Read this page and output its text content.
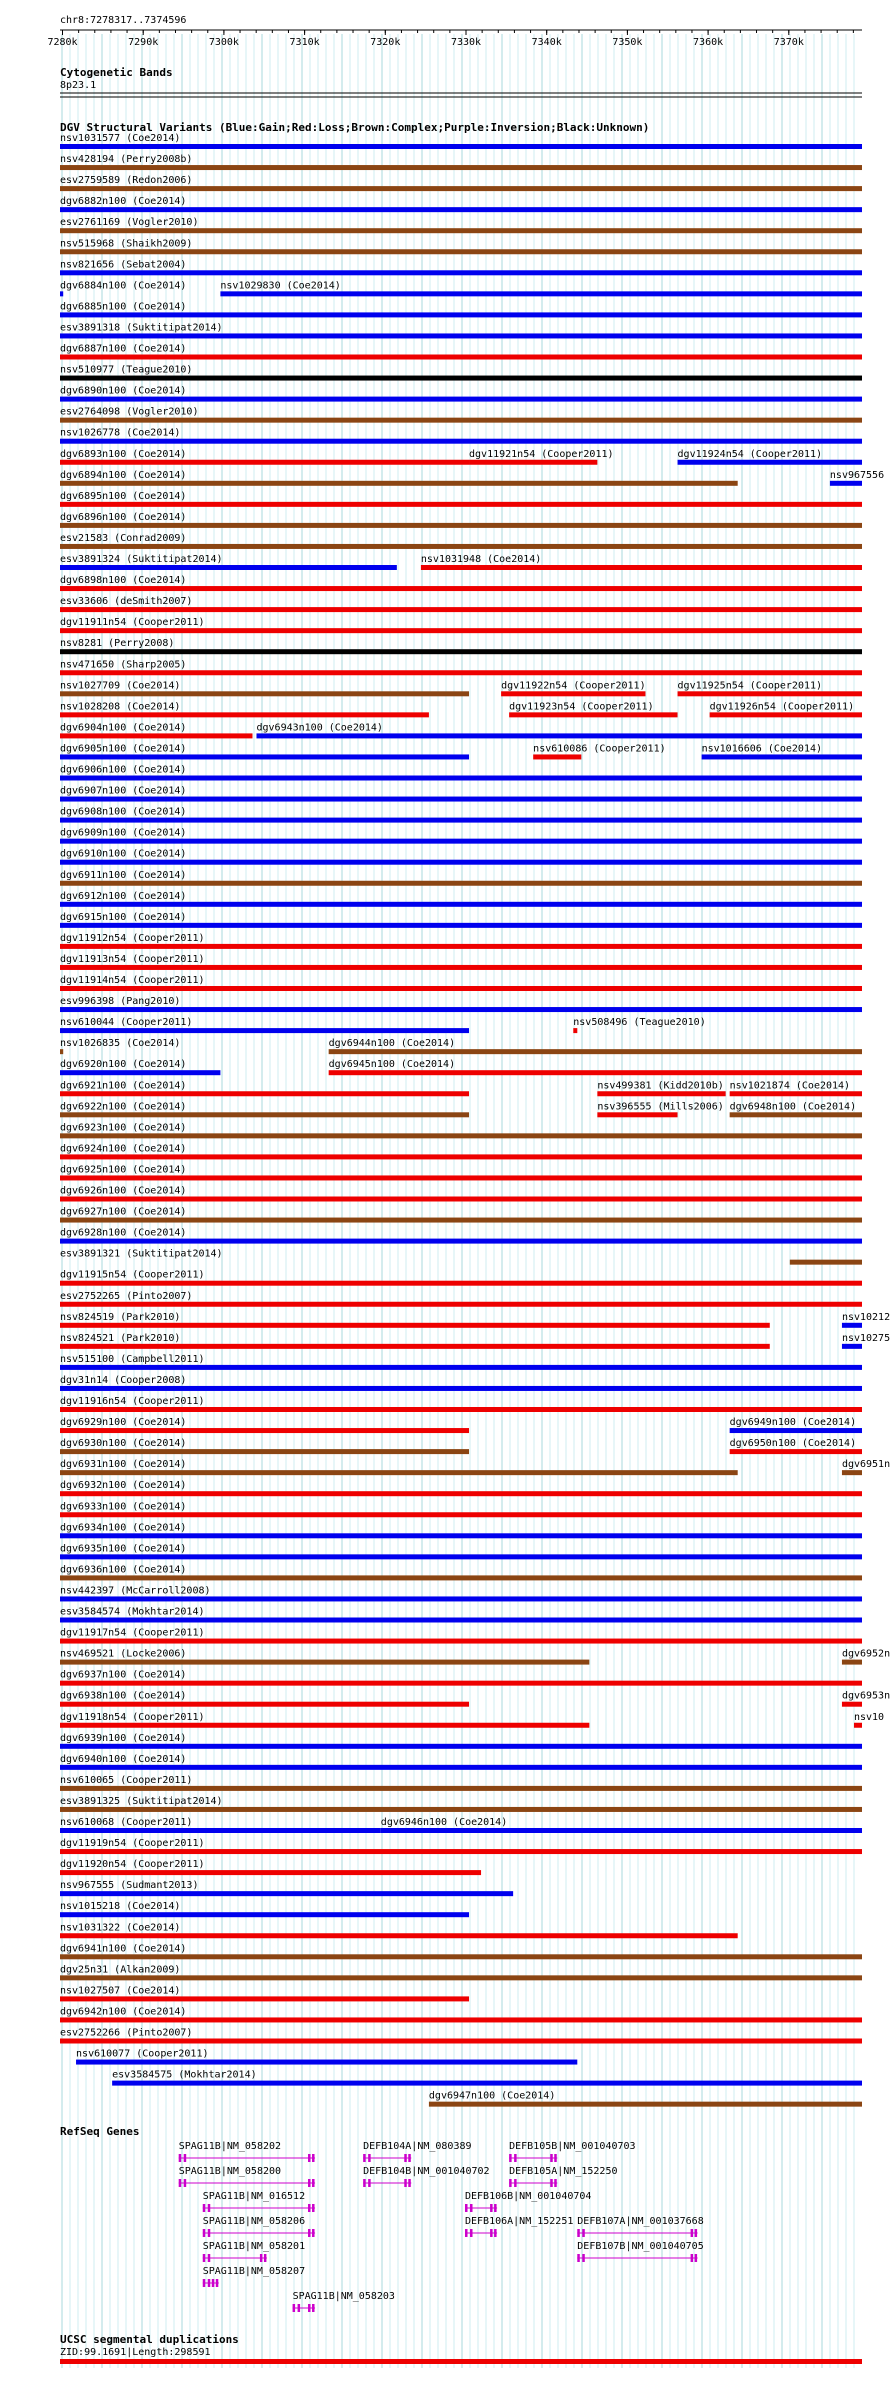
chr8:7278317..7374596
7280k	7290k	7300k	7310k	7320k	7330k	7340k	7350k	7360k	7370k
Cytogenetic Bands
8p23.1
DGV Structural Variants (Blue:Gain;Red:Loss;Brown:Complex;Purple:Inversion;Black:Unknown)
nsv1031577 (Coe2014)
nsv428194 (Perry2008b)
esv2759589 (Redon2006)
dgv6882n100 (Coe2014)
esv2761169 (Vogler2010)
nsv515968 (Shaikh2009)
nsv821656 (Sebat2004)
dgv6884n100 (Coe2014)	nsv1029830 (Coe2014)
dgv6885n100 (Coe2014)
esv3891318 (Suktitipat2014)
dgv6887n100 (Coe2014)
nsv510977 (Teague2010)
dgv6890n100 (Coe2014)
esv2764098 (Vogler2010)
nsv1026778 (Coe2014)
dgv6893n100 (Coe2014)	dgv11921n54 (Cooper2011)	dgv11924n54 (Cooper2011)
dgv6894n100 (Coe2014)	nsv967556
dgv6895n100 (Coe2014)
dgv6896n100 (Coe2014)
esv21583 (Conrad2009)
esv3891324 (Suktitipat2014)	nsv1031948 (Coe2014)
dgv6898n100 (Coe2014)
esv33606 (deSmith2007)
dgv11911n54 (Cooper2011)
nsv8281 (Perry2008)
nsv471650 (Sharp2005)
nsv1027709 (Coe2014)	dgv11922n54 (Cooper2011)	dgv11925n54 (Cooper2011)
nsv1028208 (Coe2014)	dgv11923n54 (Cooper2011)	dgv11926n54 (Cooper2011)
dgv6904n100 (Coe2014)	dgv6943n100 (Coe2014)
dgv6905n100 (Coe2014)	nsv610086 (Cooper2011)	nsv1016606 (Coe2014)
dgv6906n100 (Coe2014)
dgv6907n100 (Coe2014)
dgv6908n100 (Coe2014)
dgv6909n100 (Coe2014)
dgv6910n100 (Coe2014)
dgv6911n100 (Coe2014)
dgv6912n100 (Coe2014)
dgv6915n100 (Coe2014)
dgv11912n54 (Cooper2011)
dgv11913n54 (Cooper2011)
dgv11914n54 (Cooper2011)
esv996398 (Pang2010)
nsv610044 (Cooper2011)	nsv508496 (Teague2010)
nsv1026835 (Coe2014)	dgv6944n100 (Coe2014)
dgv6920n100 (Coe2014)	dgv6945n100 (Coe2014)
dgv6921n100 (Coe2014)	nsv499381 (Kidd2010b) nsv1021874 (Coe2014)
dgv6922n100 (Coe2014)	nsv396555 (Mills2006) dgv6948n100 (Coe2014)
dgv6923n100 (Coe2014)
dgv6924n100 (Coe2014)
dgv6925n100 (Coe2014)
dgv6926n100 (Coe2014)
dgv6927n100 (Coe2014)
dgv6928n100 (Coe2014)
esv3891321 (Suktitipat2014)
dgv11915n54 (Cooper2011)
esv2752265 (Pinto2007)
nsv824519 (Park2010)	nsv10212
nsv824521 (Park2010)	nsv10275
nsv515100 (Campbell2011)
dgv31n14 (Cooper2008)
dgv11916n54 (Cooper2011)
dgv6929n100 (Coe2014)	dgv6949n100 (Coe2014)
dgv6930n100 (Coe2014)	dgv6950n100 (Coe2014)
dgv6931n100 (Coe2014)	dgv6951n
dgv6932n100 (Coe2014)
dgv6933n100 (Coe2014)
dgv6934n100 (Coe2014)
dgv6935n100 (Coe2014)
dgv6936n100 (Coe2014)
nsv442397 (McCarroll2008)
esv3584574 (Mokhtar2014)
dgv11917n54 (Cooper2011)
nsv469521 (Locke2006)	dgv6952n
dgv6937n100 (Coe2014)
dgv6938n100 (Coe2014)	dgv6953n
dgv11918n54 (Cooper2011)	nsv10
dgv6939n100 (Coe2014)
dgv6940n100 (Coe2014)
nsv610065 (Cooper2011)
esv3891325 (Suktitipat2014)
nsv610068 (Cooper2011)	dgv6946n100 (Coe2014)
dgv11919n54 (Cooper2011)
dgv11920n54 (Cooper2011)
nsv967555 (Sudmant2013)
nsv1015218 (Coe2014)
nsv1031322 (Coe2014)
dgv6941n100 (Coe2014)
dgv25n31 (Alkan2009)
nsv1027507 (Coe2014)
dgv6942n100 (Coe2014)
esv2752266 (Pinto2007)
nsv610077 (Cooper2011)
esv3584575 (Mokhtar2014)
dgv6947n100 (Coe2014)
RefSeq Genes
SPAG11B|NM_058202	DEFB104A|NM_080389	DEFB105B|NM_001040703
SPAG11B|NM_058200	DEFB104B|NM_001040702 DEFB105A|NM_152250
SPAG11B|NM_016512	DEFB106B|NM_001040704
SPAG11B|NM_058206	DEFB106A|NM_152251 DEFB107A|NM_001037668
SPAG11B|NM_058201	DEFB107B|NM_001040705
SPAG11B|NM_058207
SPAG11B|NM_058203
UCSC segmental duplications
ZID:99.1691|Length:298591
